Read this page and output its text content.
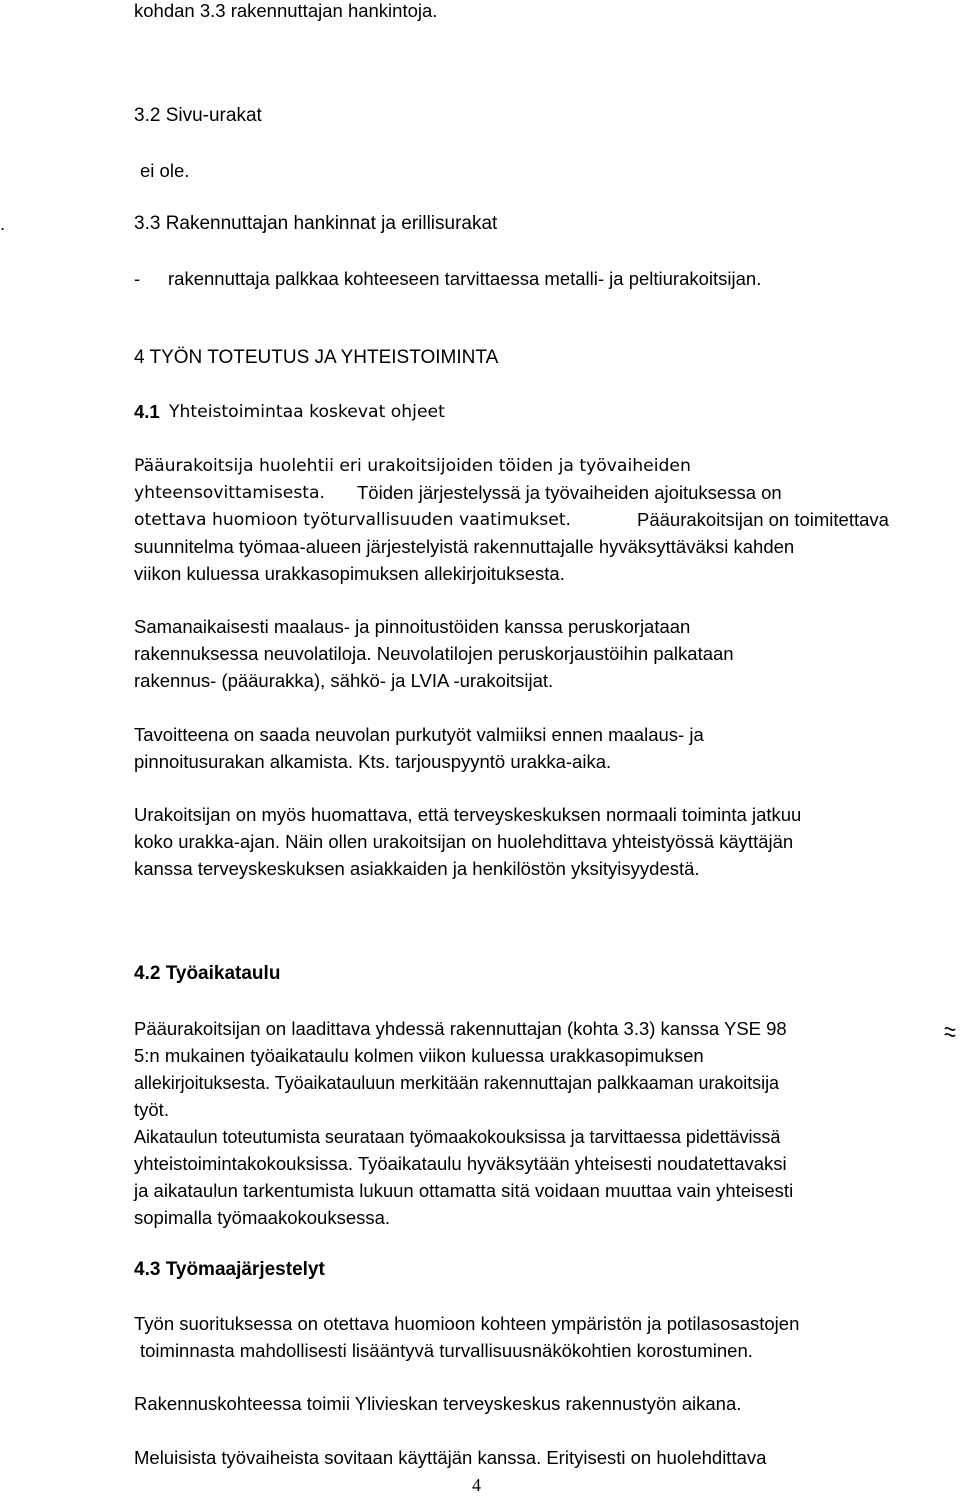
kohdan 3.3 rakennuttajan hankintoja.

3.2 Sivu-urakat

ei ole.

.	3.3 Rakennuttajan hankinnat ja erillisurakat

- rakennuttaja palkkaa kohteeseen tarvittaessa metalli- ja peltiurakoitsijan.

4 TYÖN TOTEUTUS JA YHTEISTOIMINTA

4.1 Yhteistoimintaa koskevat ohjeet

Pääurakoitsija huolehtii eri urakoitsijoiden töiden ja työvaiheiden

yhteensovittamisesta. Töiden järjestelyssä ja työvaiheiden ajoituksessa on

otettava huomioon työturvallisuuden vaatimukset.	Pääurakoitsijan on toimitettava

suunnitelma työmaa-alueen järjestelyistä rakennuttajalle hyväksyttäväksi kahden

viikon kuluessa urakkasopimuksen allekirjoituksesta.

Samanaikaisesti maalaus- ja pinnoitustöiden kanssa peruskorjataan

rakennuksessa neuvolatiloja. Neuvolatilojen peruskorjaustöihin palkataan

rakennus- (pääurakka), sähkö- ja LVIA -urakoitsijat.

Tavoitteena on saada neuvolan purkutyöt valmiiksi ennen maalaus- ja

pinnoitusurakan alkamista. Kts. tarjouspyyntö urakka-aika.

Urakoitsijan on myös huomattava, että terveyskeskuksen normaali toiminta jatkuu

koko urakka-ajan. Näin ollen urakoitsijan on huolehdittava yhteistyössä käyttäjän

kanssa terveyskeskuksen asiakkaiden ja henkilöstön yksityisyydestä.

4.2 Työaikataulu

Pääurakoitsijan on laadittava yhdessä rakennuttajan (kohta 3.3) kanssa YSE 98

5:n mukainen työaikataulu kolmen viikon kuluessa urakkasopimuksen

allekirjoituksesta. Työaikatauluun merkitään rakennuttajan palkkaaman urakoitsija

työt.

Aikataulun toteutumista seurataan työmaakokouksissa ja tarvittaessa pidettävissä

yhteistoimintakokouksissa. Työaikataulu hyväksytään yhteisesti noudatettavaksi

ja aikataulun tarkentumista lukuun ottamatta sitä voidaan muuttaa vain yhteisesti

sopimalla työmaakokouksessa.

4.3 Työmaajärjestelyt

Työn suorituksessa on otettava huomioon kohteen ympäristön ja potilasosastojen

toiminnasta mahdollisesti lisääntyvä turvallisuusnäkökohtien korostuminen.

Rakennuskohteessa toimii Ylivieskan terveyskeskus rakennustyön aikana.

Meluisista työvaiheista sovitaan käyttäjän kanssa. Erityisesti on huolehdittava

4
